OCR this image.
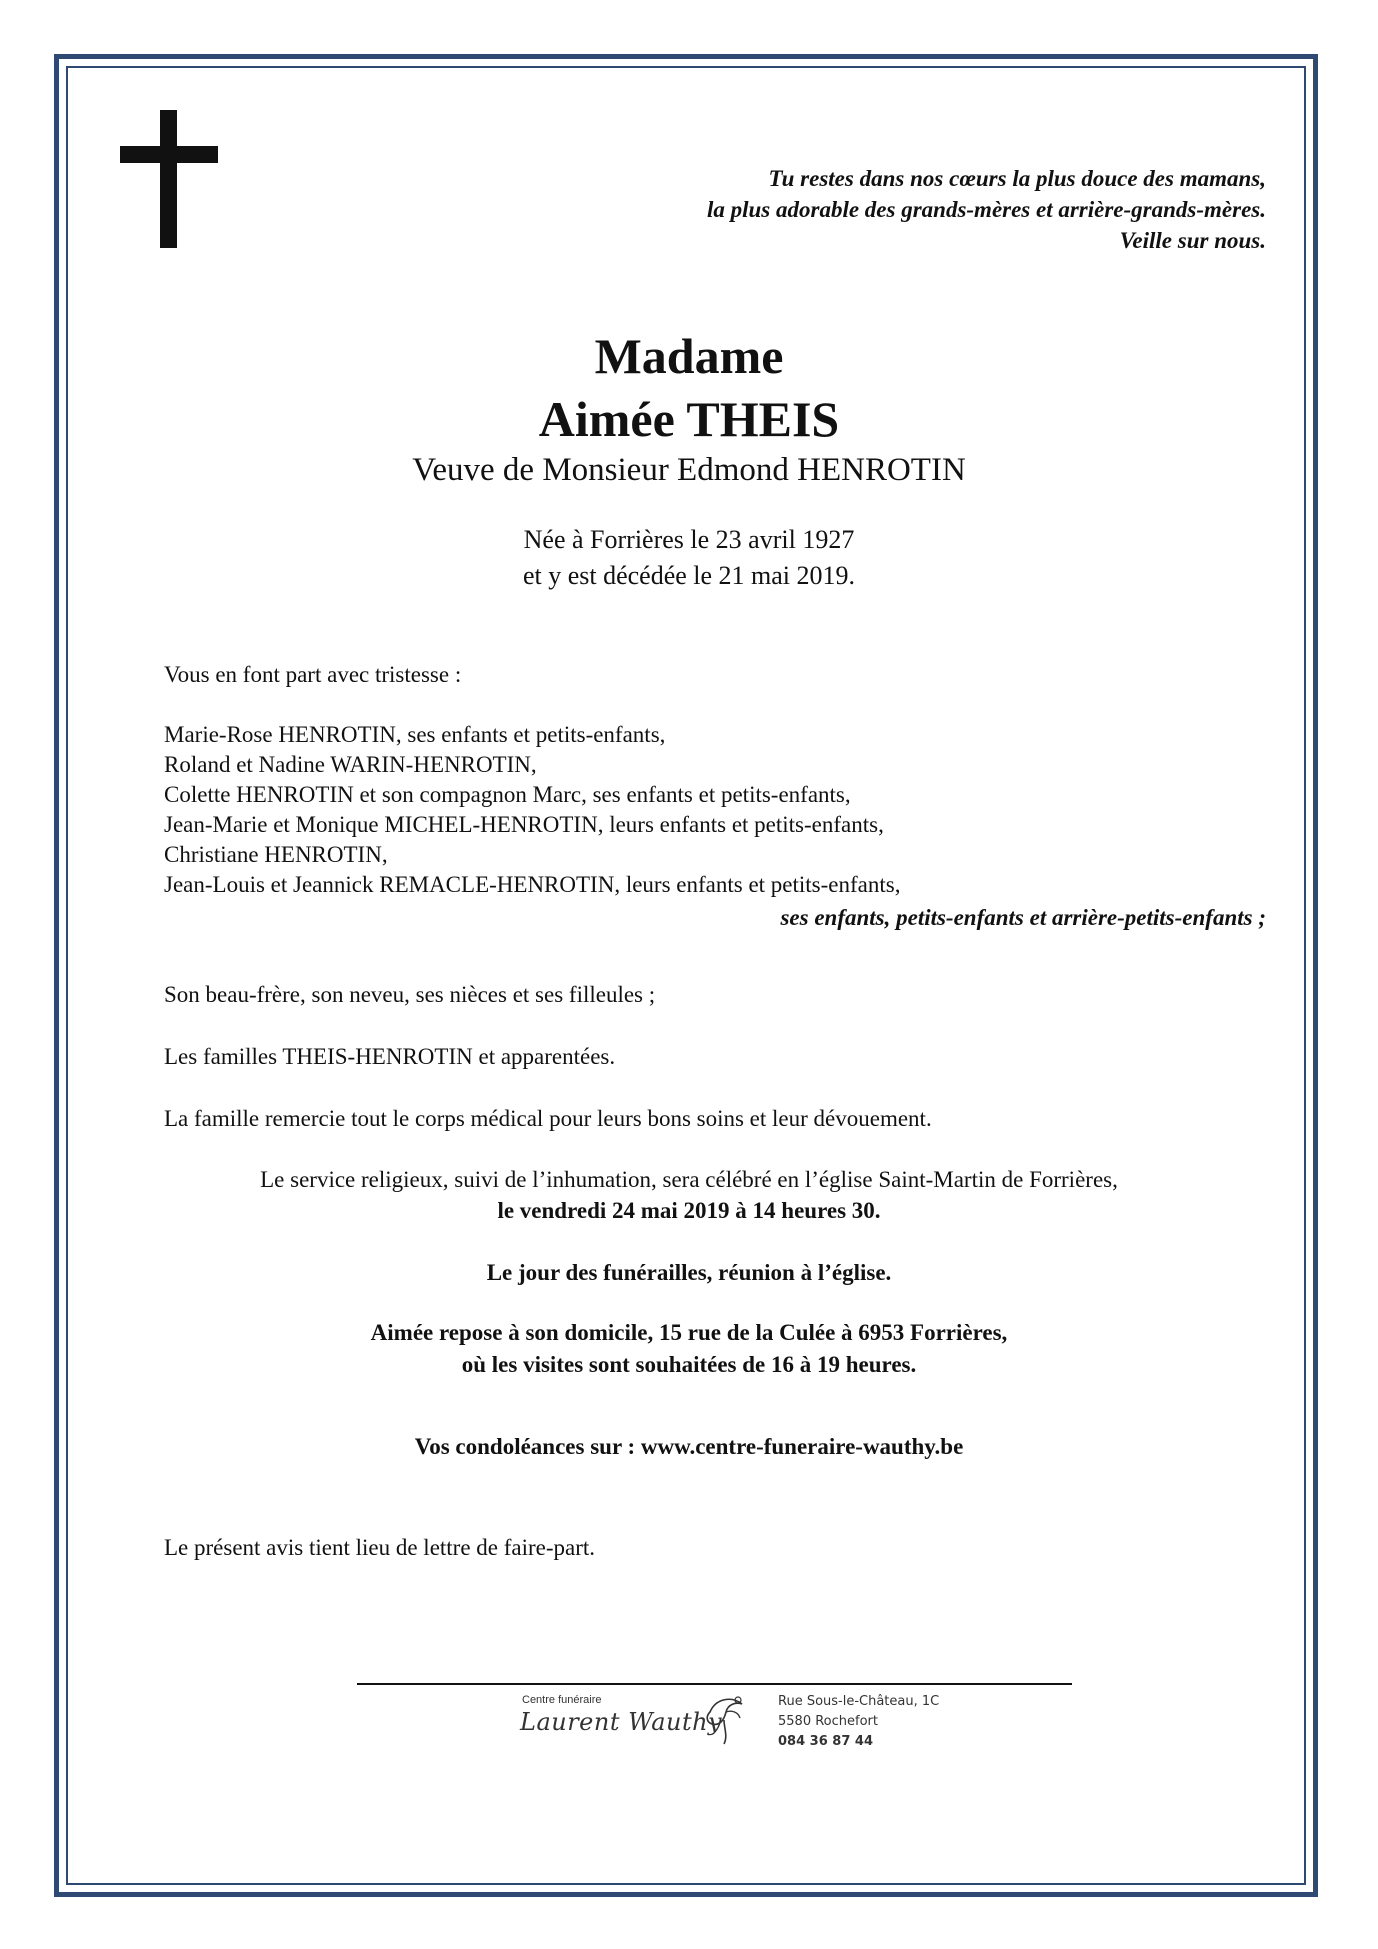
Tu restes dans nos cœurs la plus douce des mamans,
la plus adorable des grands-mères et arrière-grands-mères.
Veille sur nous.
Madame
Aimée THEIS
Veuve de Monsieur Edmond HENROTIN
Née à Forrières le 23 avril 1927
et y est décédée le 21 mai 2019.
Vous en font part avec tristesse :
Marie-Rose HENROTIN, ses enfants et petits-enfants,
Roland et Nadine WARIN-HENROTIN,
Colette HENROTIN et son compagnon Marc, ses enfants et petits-enfants,
Jean-Marie et Monique MICHEL-HENROTIN, leurs enfants et petits-enfants,
Christiane HENROTIN,
Jean-Louis et Jeannick REMACLE-HENROTIN, leurs enfants et petits-enfants,
ses enfants, petits-enfants et arrière-petits-enfants ;
Son beau-frère, son neveu, ses nièces et ses filleules ;
Les familles THEIS-HENROTIN et apparentées.
La famille remercie tout le corps médical pour leurs bons soins et leur dévouement.
Le service religieux, suivi de l’inhumation, sera célébré en l’église Saint-Martin de Forrières,
le vendredi 24 mai 2019 à 14 heures 30.
Le jour des funérailles, réunion à l’église.
Aimée repose à son domicile, 15 rue de la Culée à 6953 Forrières,
où les visites sont souhaitées de 16 à 19 heures.
Vos condoléances sur : www.centre-funeraire-wauthy.be
Le présent avis tient lieu de lettre de faire-part.
Centre funéraire
Laurent Wauthy
Rue Sous-le-Château, 1C
5580 Rochefort
084 36 87 44
